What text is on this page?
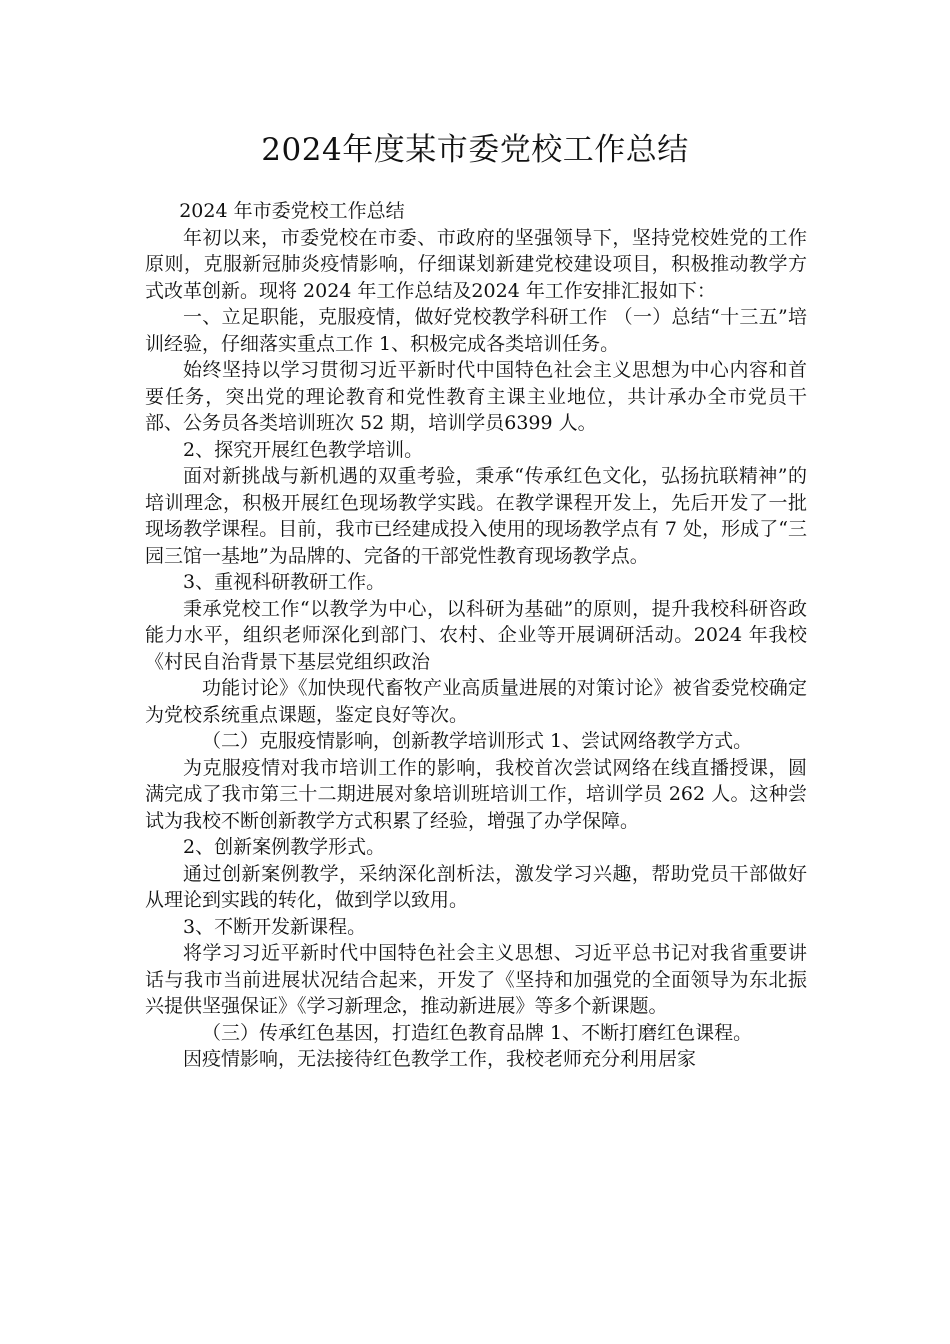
2024年度某市委党校工作总结

2024 年市委党校工作总结

年初以来，市委党校在市委、市政府的坚强领导下，坚持党校姓党的工作原则，克服新冠肺炎疫情影响，仔细谋划新建党校建设项目，积极推动教学方式改革创新。现将 2024 年工作总结及2024 年工作安排汇报如下：

一、立足职能，克服疫情，做好党校教学科研工作 （一）总结“十三五”培训经验，仔细落实重点工作 1、积极完成各类培训任务。

始终坚持以学习贯彻习近平新时代中国特色社会主义思想为中心内容和首要任务，突出党的理论教育和党性教育主课主业地位，共计承办全市党员干部、公务员各类培训班次 52 期，培训学员6399 人。

2、探究开展红色教学培训。

面对新挑战与新机遇的双重考验，秉承“传承红色文化，弘扬抗联精神”的培训理念，积极开展红色现场教学实践。在教学课程开发上，先后开发了一批现场教学课程。目前，我市已经建成投入使用的现场教学点有 7 处，形成了“三园三馆一基地”为品牌的、完备的干部党性教育现场教学点。

3、重视科研教研工作。

秉承党校工作“以教学为中心，以科研为基础”的原则，提升我校科研咨政能力水平，组织老师深化到部门、农村、企业等开展调研活动。2024 年我校《村民自治背景下基层党组织政治

功能讨论》《加快现代畜牧产业高质量进展的对策讨论》被省委党校确定为党校系统重点课题，鉴定良好等次。

（二）克服疫情影响，创新教学培训形式 1、尝试网络教学方式。

为克服疫情对我市培训工作的影响，我校首次尝试网络在线直播授课，圆满完成了我市第三十二期进展对象培训班培训工作，培训学员 262 人。这种尝试为我校不断创新教学方式积累了经验，增强了办学保障。

2、创新案例教学形式。

通过创新案例教学，采纳深化剖析法，激发学习兴趣，帮助党员干部做好从理论到实践的转化，做到学以致用。

3、不断开发新课程。

将学习习近平新时代中国特色社会主义思想、习近平总书记对我省重要讲话与我市当前进展状况结合起来，开发了《坚持和加强党的全面领导为东北振兴提供坚强保证》《学习新理念，推动新进展》等多个新课题。

（三）传承红色基因，打造红色教育品牌 1、不断打磨红色课程。

因疫情影响，无法接待红色教学工作，我校老师充分利用居家
